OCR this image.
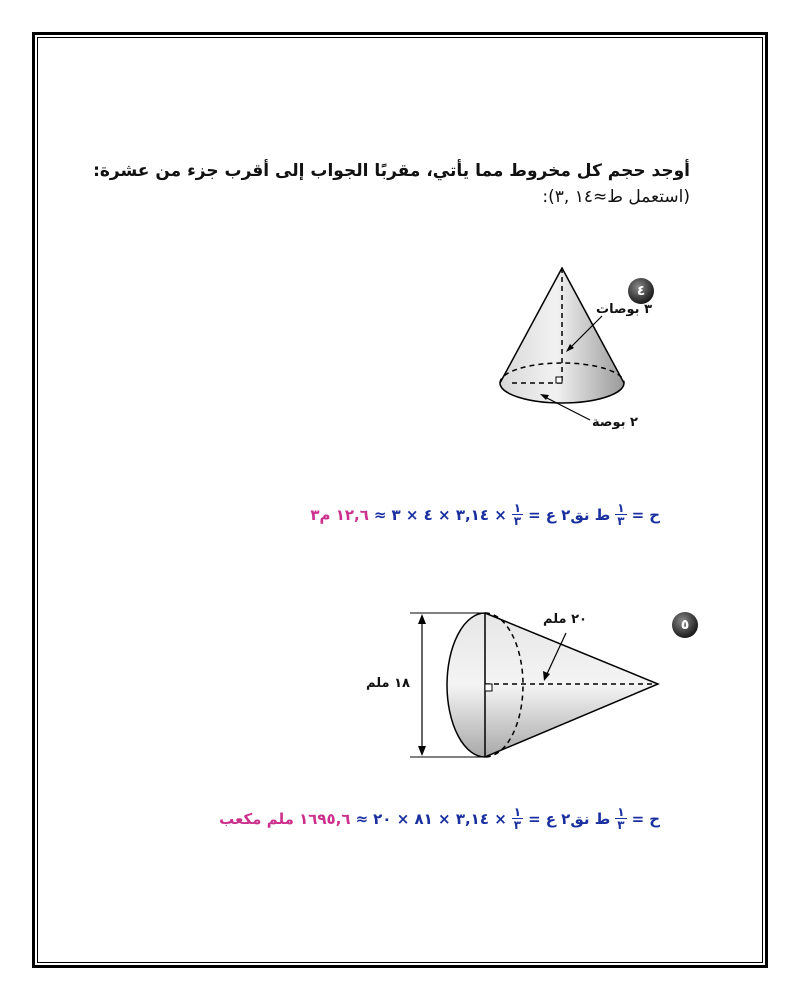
أوجد حجم كل مخروط مما يأتي، مقربًا الجواب إلى أقرب جزء من عشرة:
(استعمل ط≈١٤ ,٣):
٤
٣ بوصات
٢ بوصة
ح
=
$\frac{١}{٣}$
ط نق٢ ع
=
$\frac{١}{٣}$
× ٣,١٤ × ٤ × ٣
≈
١٢,٦ م٣
٥
٢٠ ملم
١٨ ملم
ح
=
$\frac{١}{٣}$
ط نق٢ ع
=
$\frac{١}{٣}$
× ٣,١٤ × ٨١ × ٢٠
≈
١٦٩٥,٦ ملم مكعب
